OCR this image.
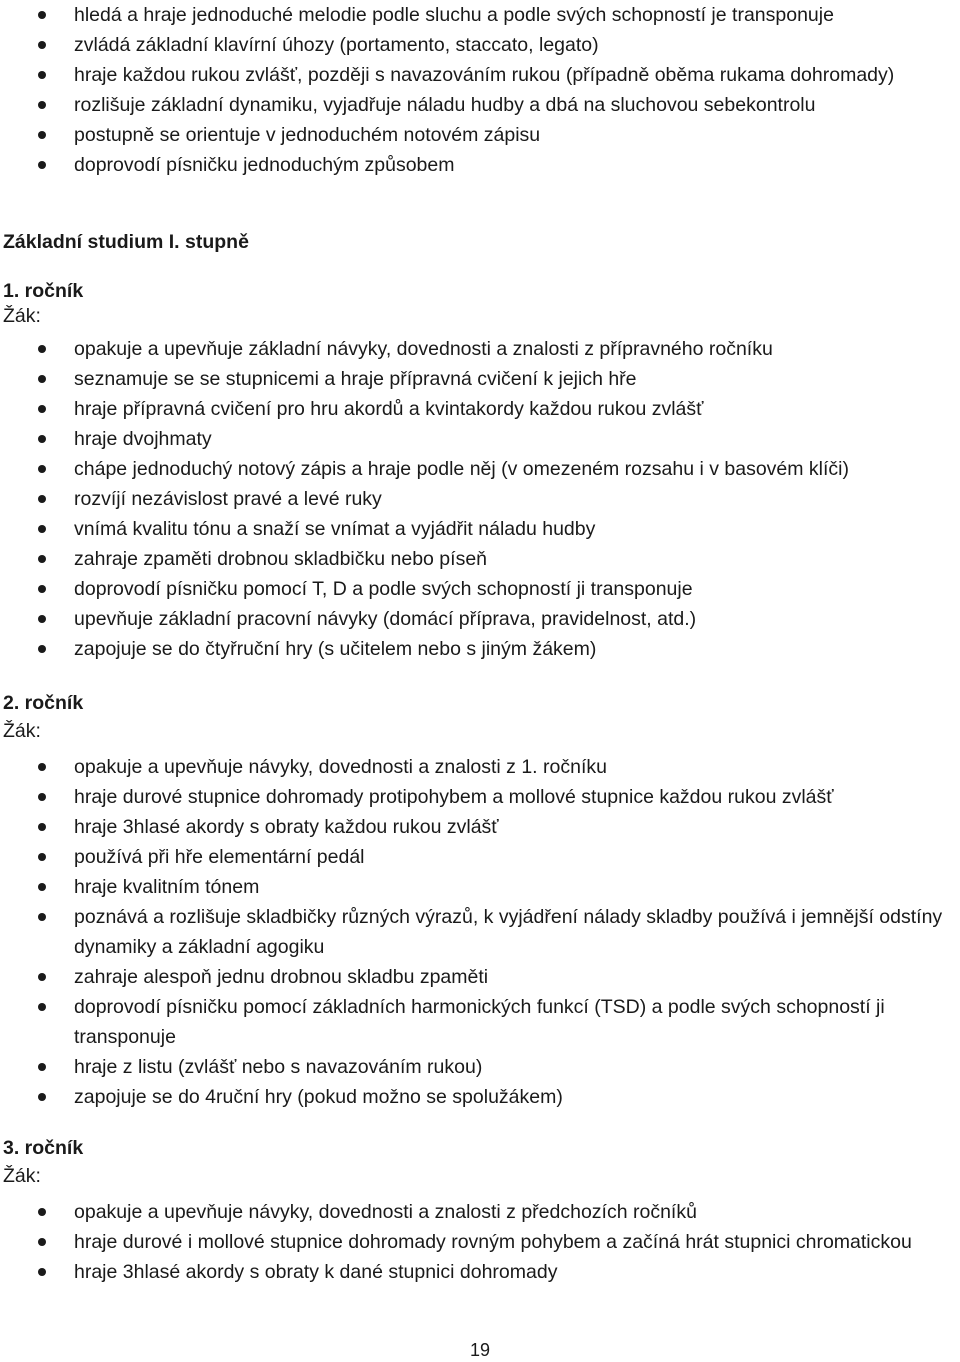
hledá a hraje jednoduché melodie podle sluchu a podle svých schopností je transponuje
zvládá základní klavírní úhozy (portamento, staccato, legato)
hraje každou rukou zvlášť, později s navazováním rukou (případně oběma rukama dohromady)
rozlišuje základní dynamiku, vyjadřuje náladu hudby a dbá na sluchovou sebekontrolu
postupně se orientuje v jednoduchém notovém zápisu
doprovodí písničku jednoduchým způsobem
Základní studium I. stupně
1. ročník
Žák:
opakuje a upevňuje základní návyky, dovednosti a znalosti z přípravného ročníku
seznamuje se se stupnicemi a hraje přípravná cvičení k jejich hře
hraje přípravná cvičení pro hru akordů a kvintakordy každou rukou zvlášť
hraje dvojhmaty
chápe jednoduchý notový zápis a hraje podle něj (v omezeném rozsahu i v basovém klíči)
rozvíjí nezávislost pravé a levé ruky
vnímá kvalitu tónu a snaží se vnímat a vyjádřit náladu hudby
zahraje zpaměti drobnou skladbičku nebo píseň
doprovodí písničku pomocí T, D a podle svých schopností ji transponuje
upevňuje základní pracovní návyky (domácí příprava, pravidelnost, atd.)
zapojuje se do čtyřruční hry (s učitelem nebo s jiným žákem)
2. ročník
Žák:
opakuje a upevňuje návyky, dovednosti a znalosti z 1. ročníku
hraje durové stupnice dohromady protipohybem a mollové stupnice každou rukou zvlášť
hraje 3hlasé akordy s obraty každou rukou zvlášť
používá při hře elementární pedál
hraje kvalitním tónem
poznává a rozlišuje skladbičky různých výrazů, k vyjádření nálady skladby používá i jemnější odstíny dynamiky a základní agogiku
zahraje alespoň jednu drobnou skladbu zpaměti
doprovodí písničku pomocí základních harmonických funkcí (TSD) a podle svých schopností ji transponuje
hraje z listu (zvlášť nebo s navazováním rukou)
zapojuje se do 4ruční hry (pokud možno se spolužákem)
3. ročník
Žák:
opakuje a upevňuje návyky, dovednosti a znalosti z předchozích ročníků
hraje durové i mollové stupnice dohromady rovným pohybem a začíná hrát stupnici chromatickou
hraje 3hlasé akordy s obraty k dané stupnici dohromady
19
